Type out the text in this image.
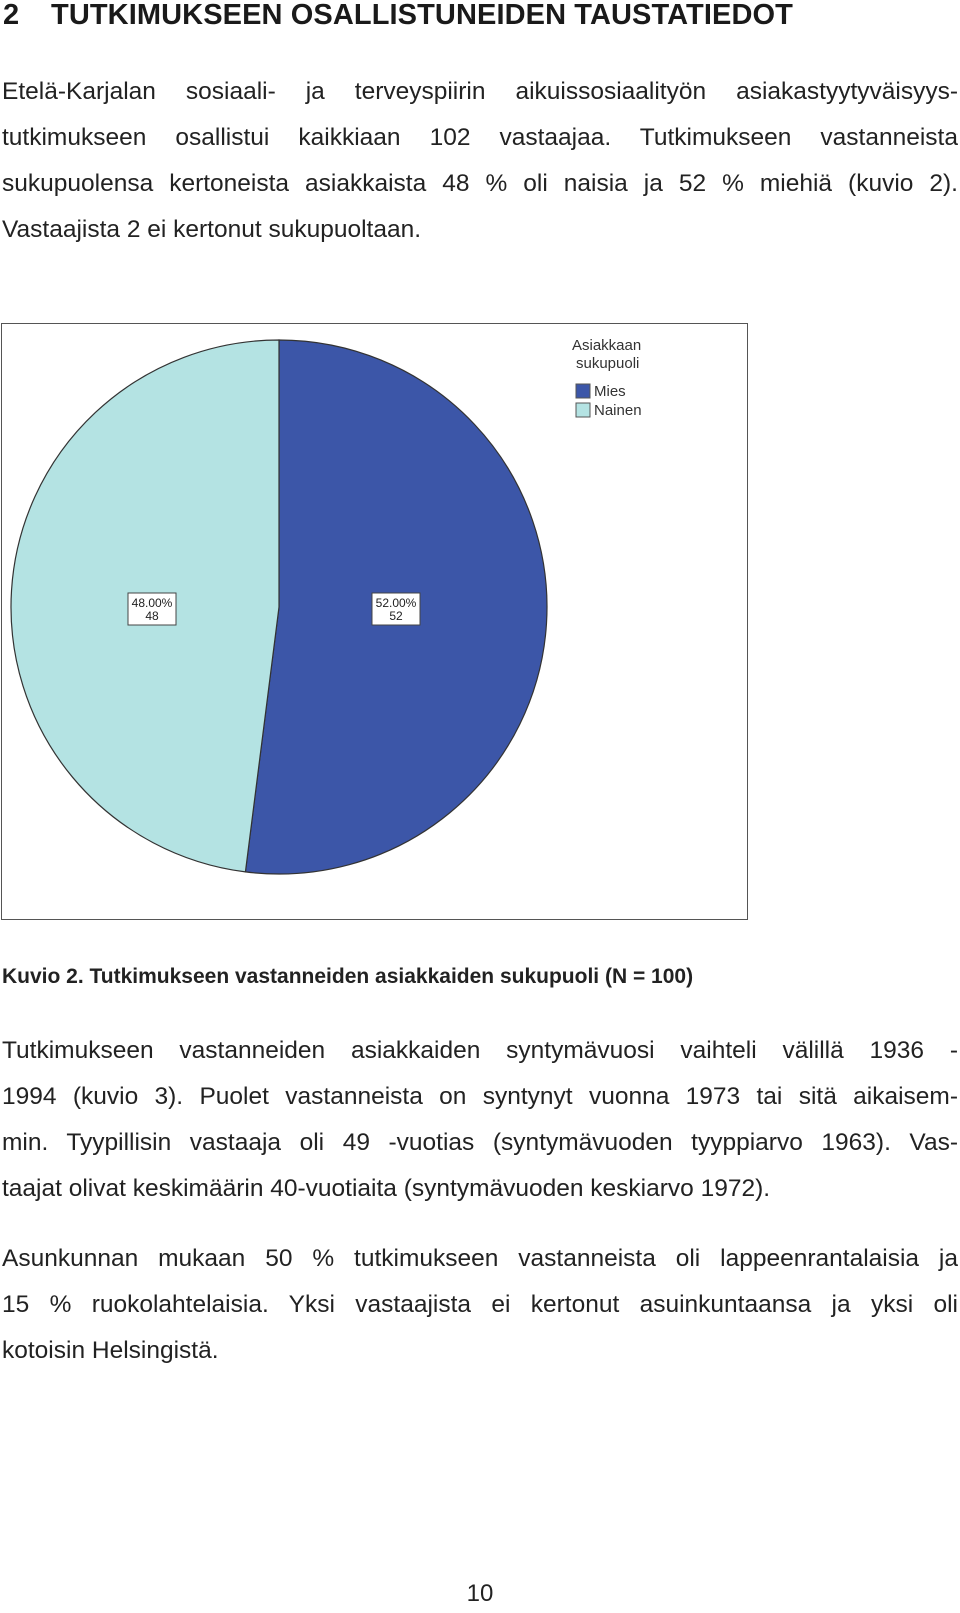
2 TUTKIMUKSEEN OSALLISTUNEIDEN TAUSTATIEDOT
Etelä-Karjalan sosiaali- ja terveyspiirin aikuissosiaalityön asiakastyytyväisyys-
tutkimukseen osallistui kaikkiaan 102 vastaajaa. Tutkimukseen vastanneista
sukupuolensa kertoneista asiakkaista 48 % oli naisia ja 52 % miehiä (kuvio 2).
Vastaajista 2 ei kertonut sukupuoltaan.
52.00%
52
48.00%
48
Asiakkaan
sukupuoli
Mies
Nainen

Kuvio 2. Tutkimukseen vastanneiden asiakkaiden sukupuoli (N = 100)

Tutkimukseen vastanneiden asiakkaiden syntymävuosi vaihteli välillä 1936 -
1994 (kuvio 3). Puolet vastanneista on syntynyt vuonna 1973 tai sitä aikaisem-
min. Tyypillisin vastaaja oli 49 -vuotias (syntymävuoden tyyppiarvo 1963). Vas-
taajat olivat keskimäärin 40-vuotiaita (syntymävuoden keskiarvo 1972).
Asunkunnan mukaan 50 % tutkimukseen vastanneista oli lappeenrantalaisia ja
15 % ruokolahtelaisia. Yksi vastaajista ei kertonut asuinkuntaansa ja yksi oli
kotoisin Helsingistä.
10
